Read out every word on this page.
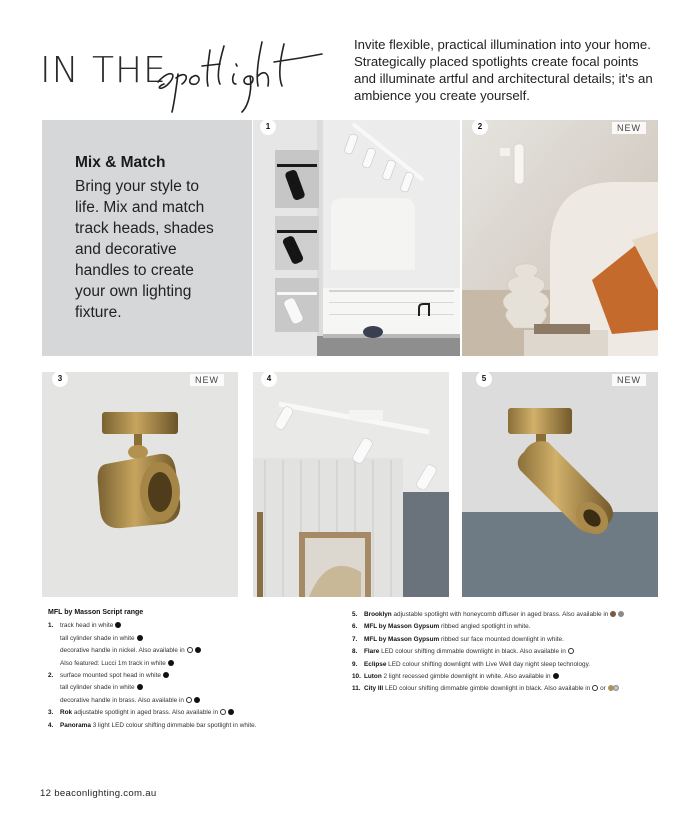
IN THE
spotlight
Invite flexible, practical illumination into your home. Strategically placed spotlights create focal points and illuminate artful and architectural details; it's an ambience you create yourself.
Mix & Match
Bring your style to life. Mix and match track heads, shades and decorative handles to create your own lighting fixture.
1	2	NEW
3	NEW	4	5	NEW
MFL by Masson Script range
1. track head in white
tall cylinder shade in white
decorative handle in nickel. Also available in
Also featured: Lucci 1m track in white
2. surface mounted spot head in white
tall cylinder shade in white
decorative handle in brass. Also available in
3. Rok adjustable spotlight in aged brass. Also available in
4. Panorama 3 light LED colour shifting dimmable bar spotlight in white.
5. Brooklyn adjustable spotlight with honeycomb diffuser in aged brass. Also available in
6. MFL by Masson Gypsum ribbed angled spotlight in white.
7. MFL by Masson Gypsum ribbed sur face mounted downlight in white.
8. Flare LED colour shifting dimmable downlight in black. Also available in
9. Eclipse LED colour shifting downlight with Live Well day night sleep technology.
10. Luton 2 light recessed gimble downlight in white. Also available in
11. City III LED colour shifting dimmable gimble downlight in black. Also available in or
12 beaconlighting.com.au
